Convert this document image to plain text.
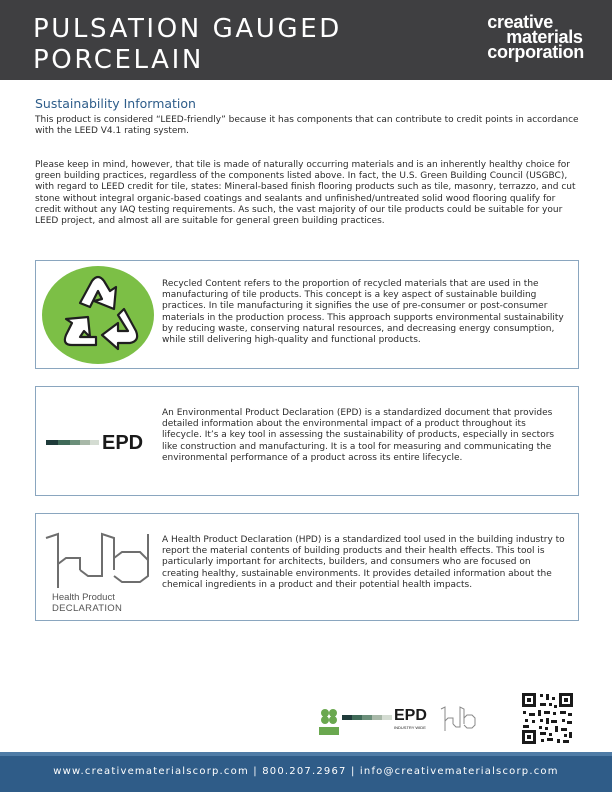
PULSATION GAUGED
PORCELAIN
creative
materials
corporation
Sustainability Information

This product is considered “LEED-friendly” because it has components that can contribute to credit points in accordance with the LEED V4.1 rating system.

Please keep in mind, however, that tile is made of naturally occurring materials and is an inherently healthy choice for green building practices, regardless of the components listed above. In fact, the U.S. Green Building Council (USGBC), with regard to LEED credit for tile, states: Mineral-based finish flooring products such as tile, masonry, terrazzo, and cut stone without integral organic-based coatings and sealants and unfinished/untreated solid wood flooring qualify for credit without any IAQ testing requirements. As such, the vast majority of our tile products could be suitable for your LEED project, and almost all are suitable for general green building practices.

Recycled Content refers to the proportion of recycled materials that are used in the manufacturing of tile products. This concept is a key aspect of sustainable building practices. In tile manufacturing it signifies the use of pre-consumer or post-consumer materials in the production process. This approach supports environmental sustainability by reducing waste, conserving natural resources, and decreasing energy consumption, while still delivering high-quality and functional products.

EPD

An Environmental Product Declaration (EPD) is a standardized document that provides detailed information about the environmental impact of a product throughout its lifecycle. It’s a key tool in assessing the sustainability of products, especially in sectors like construction and manufacturing. It is a tool for measuring and communicating the environmental performance of a product across its entire lifecycle.

Health Product
DECLARATION

A Health Product Declaration (HPD) is a standardized tool used in the building industry to report the material contents of building products and their health effects. This tool is particularly important for architects, builders, and consumers who are focused on creating healthy, sustainable environments. It provides detailed information about the chemical ingredients in a product and their potential health impacts.

EPD
INDUSTRY WIDE
www.creativematerialscorp.com | 800.207.2967 | info@creativematerialscorp.com
